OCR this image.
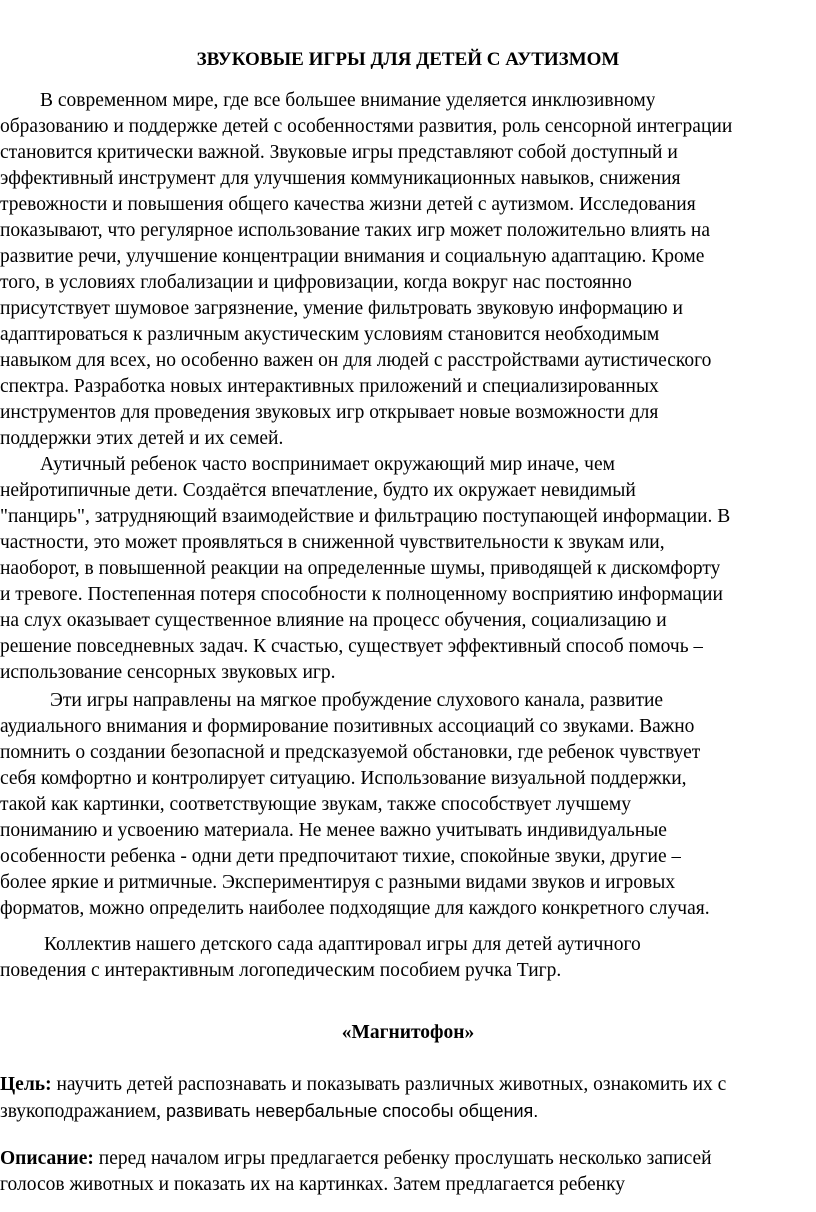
ЗВУКОВЫЕ ИГРЫ ДЛЯ ДЕТЕЙ С АУТИЗМОМ
В современном мире, где все большее внимание уделяется инклюзивному
образованию и поддержке детей с особенностями развития, роль сенсорной интеграции
становится критически важной. Звуковые игры представляют собой доступный и
эффективный инструмент для улучшения коммуникационных навыков, снижения
тревожности и повышения общего качества жизни детей с аутизмом. Исследования
показывают, что регулярное использование таких игр может положительно влиять на
развитие речи, улучшение концентрации внимания и социальную адаптацию. Кроме
того, в условиях глобализации и цифровизации, когда вокруг нас постоянно
присутствует шумовое загрязнение, умение фильтровать звуковую информацию и
адаптироваться к различным акустическим условиям становится необходимым
навыком для всех, но особенно важен он для людей с расстройствами аутистического
спектра. Разработка новых интерактивных приложений и специализированных
инструментов для проведения звуковых игр открывает новые возможности для
поддержки этих детей и их семей.
Аутичный ребенок часто воспринимает окружающий мир иначе, чем
нейротипичные дети. Создаётся впечатление, будто их окружает невидимый
"панцирь", затрудняющий взаимодействие и фильтрацию поступающей информации. В
частности, это может проявляться в сниженной чувствительности к звукам или,
наоборот, в повышенной реакции на определенные шумы, приводящей к дискомфорту
и тревоге. Постепенная потеря способности к полноценному восприятию информации
на слух оказывает существенное влияние на процесс обучения, социализацию и
решение повседневных задач. К счастью, существует эффективный способ помочь –
использование сенсорных звуковых игр.
Эти игры направлены на мягкое пробуждение слухового канала, развитие
аудиального внимания и формирование позитивных ассоциаций со звуками. Важно
помнить о создании безопасной и предсказуемой обстановки, где ребенок чувствует
себя комфортно и контролирует ситуацию. Использование визуальной поддержки,
такой как картинки, соответствующие звукам, также способствует лучшему
пониманию и усвоению материала. Не менее важно учитывать индивидуальные
особенности ребенка - одни дети предпочитают тихие, спокойные звуки, другие –
более яркие и ритмичные. Экспериментируя с разными видами звуков и игровых
форматов, можно определить наиболее подходящие для каждого конкретного случая.
Коллектив нашего детского сада адаптировал игры для детей аутичного
поведения с интерактивным логопедическим пособием ручка Тигр.
«Магнитофон»
Цель: научить детей распознавать и показывать различных животных, ознакомить их с
звукоподражанием, развивать невербальные способы общения.
Описание: перед началом игры предлагается ребенку прослушать несколько записей
голосов животных и показать их на картинках. Затем предлагается ребенку
